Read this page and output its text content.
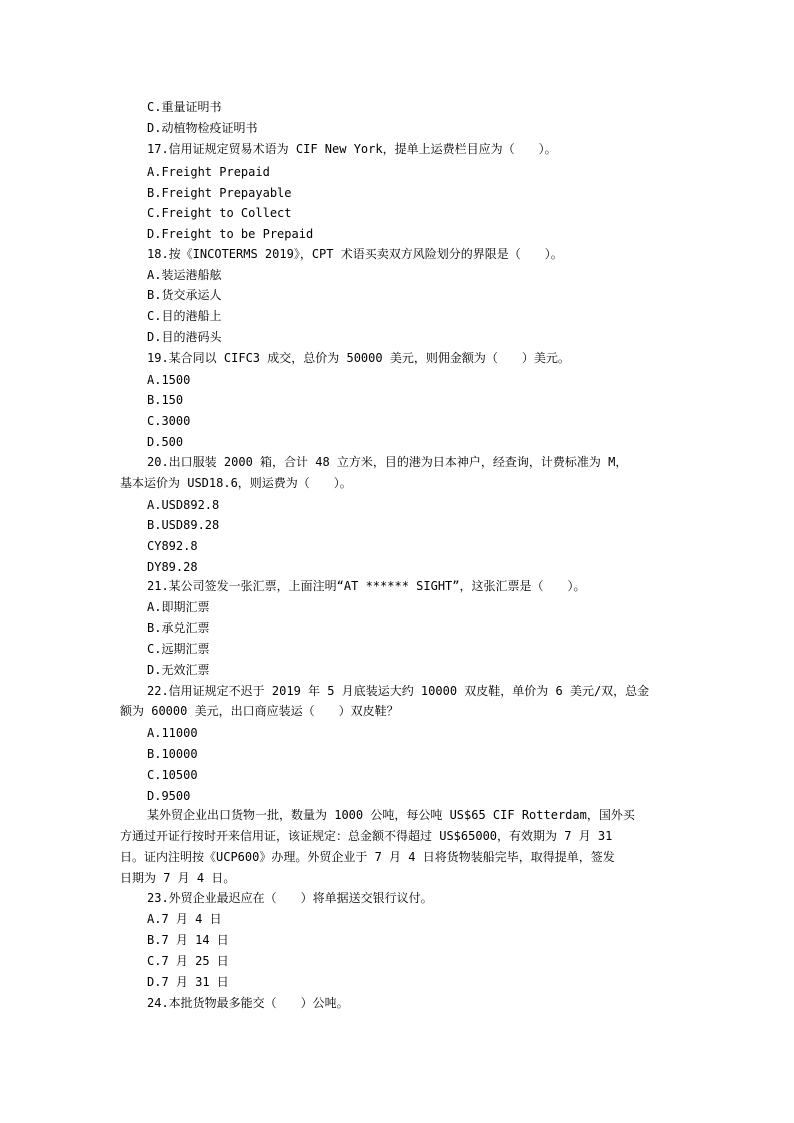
C.重量证明书
D.动植物检疫证明书
17.信用证规定贸易术语为 CIF New York，提单上运费栏目应为（　　）。
A.Freight Prepaid
B.Freight Prepayable
C.Freight to Collect
D.Freight to be Prepaid
18.按《INCOTERMS 2019》，CPT 术语买卖双方风险划分的界限是（　　）。
A.装运港船舷
B.货交承运人
C.目的港船上
D.目的港码头
19.某合同以 CIFC3 成交，总价为 50000 美元，则佣金额为（　　）美元。
A.1500
B.150
C.3000
D.500
20.出口服装 2000 箱，合计 48 立方米，目的港为日本神户，经查询，计费标准为 M，
基本运价为 USD18.6，则运费为（　　）。
A.USD892.8
B.USD89.28
CY892.8
DY89.28
21.某公司签发一张汇票，上面注明“AT ****** SIGHT”，这张汇票是（　　）。
A.即期汇票
B.承兑汇票
C.远期汇票
D.无效汇票
22.信用证规定不迟于 2019 年 5 月底装运大约 10000 双皮鞋，单价为 6 美元/双，总金
额为 60000 美元，出口商应装运（　　）双皮鞋？
A.11000
B.10000
C.10500
D.9500
某外贸企业出口货物一批，数量为 1000 公吨，每公吨 US$65 CIF Rotterdam，国外买
方通过开证行按时开来信用证，该证规定：总金额不得超过 US$65000，有效期为 7 月 31
日。证内注明按《UCP600》办理。外贸企业于 7 月 4 日将货物装船完毕，取得提单，签发
日期为 7 月 4 日。
23.外贸企业最迟应在（　　）将单据送交银行议付。
A.7 月 4 日
B.7 月 14 日
C.7 月 25 日
D.7 月 31 日
24.本批货物最多能交（　　）公吨。
